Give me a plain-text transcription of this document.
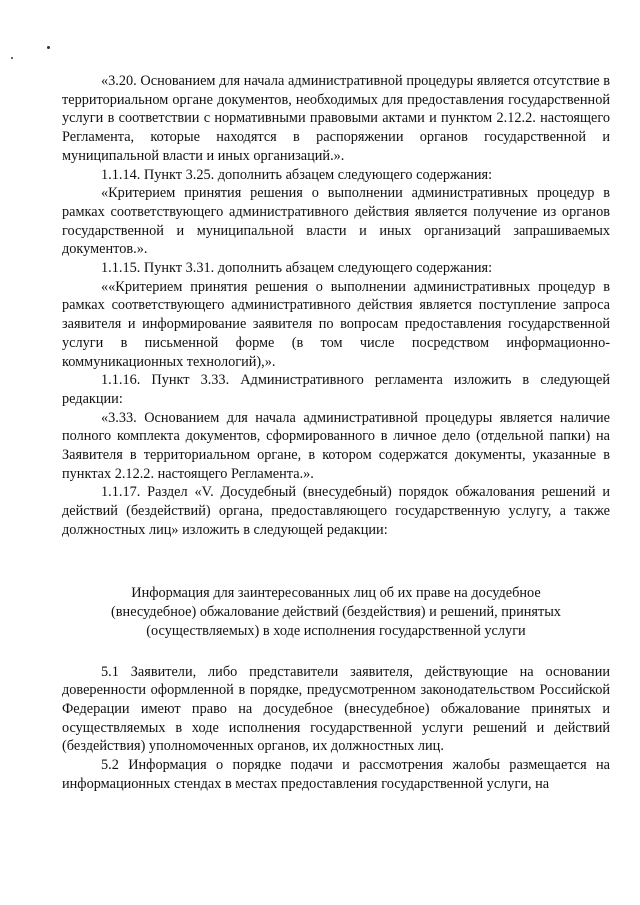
«3.20. Основанием для начала административной процедуры является отсутствие в территориальном органе документов, необходимых для предоставления государственной услуги в соответствии с нормативными правовыми актами и пунктом 2.12.2. настоящего Регламента, которые находятся в распоряжении органов государственной и муниципальной власти и иных организаций.».

1.1.14. Пункт 3.25. дополнить абзацем следующего содержания:

«Критерием принятия решения о выполнении административных процедур в рамках соответствующего административного действия является получение из органов государственной и муниципальной власти и иных организаций запрашиваемых документов.».

1.1.15. Пункт 3.31. дополнить абзацем следующего содержания:

««Критерием принятия решения о выполнении административных процедур в рамках соответствующего административного действия является поступление запроса заявителя и информирование заявителя по вопросам предоставления государственной услуги в письменной форме (в том числе посредством информационно-коммуникационных технологий),».

1.1.16. Пункт 3.33. Административного регламента изложить в следующей редакции:

«3.33. Основанием для начала административной процедуры является наличие полного комплекта документов, сформированного в личное дело (отдельной папки) на Заявителя в территориальном органе, в котором содержатся документы, указанные в пунктах 2.12.2. настоящего Регламента.».

1.1.17. Раздел «V. Досудебный (внесудебный) порядок обжалования решений и действий (бездействий) органа, предоставляющего государственную услугу, а также должностных лиц» изложить в следующей редакции:

Информация для заинтересованных лиц об их праве на досудебное
(внесудебное) обжалование действий (бездействия) и решений, принятых
(осуществляемых) в ходе исполнения государственной услуги

5.1 Заявители, либо представители заявителя, действующие на основании доверенности оформленной в порядке, предусмотренном законодательством Российской Федерации имеют право на досудебное (внесудебное) обжалование принятых и осуществляемых в ходе исполнения государственной услуги решений и действий (бездействия) уполномоченных органов, их должностных лиц.

5.2 Информация о порядке подачи и рассмотрения жалобы размещается на информационных стендах в местах предоставления государственной услуги, на
